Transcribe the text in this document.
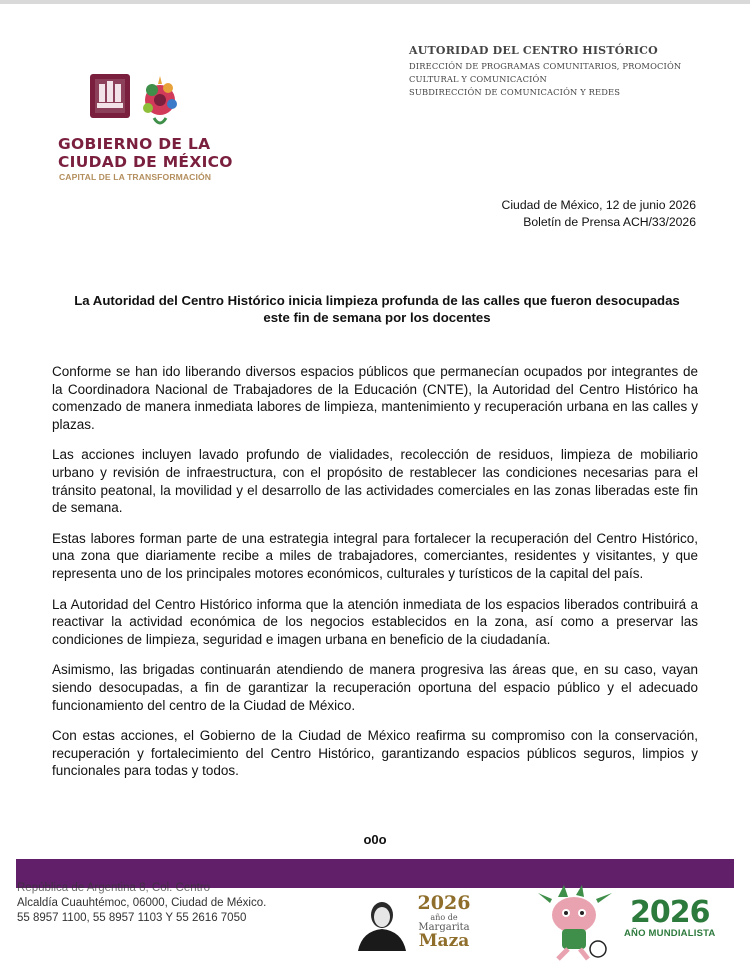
GOBIERNO DE LA
CIUDAD DE MÉXICO
CAPITAL DE LA TRANSFORMACIÓN
AUTORIDAD DEL CENTRO HISTÓRICO
DIRECCIÓN DE PROGRAMAS COMUNITARIOS, PROMOCIÓN
CULTURAL Y COMUNICACIÓN
SUBDIRECCIÓN DE COMUNICACIÓN Y REDES
Ciudad de México, 12 de junio 2026
Boletín de Prensa ACH/33/2026
La Autoridad del Centro Histórico inicia limpieza profunda de las calles que fueron desocupadas
este fin de semana por los docentes

Conforme se han ido liberando diversos espacios públicos que permanecían ocupados por integrantes de la Coordinadora Nacional de Trabajadores de la Educación (CNTE), la Autoridad del Centro Histórico ha comenzado de manera inmediata labores de limpieza, mantenimiento y recuperación urbana en las calles y plazas.

Las acciones incluyen lavado profundo de vialidades, recolección de residuos, limpieza de mobiliario urbano y revisión de infraestructura, con el propósito de restablecer las condiciones necesarias para el tránsito peatonal, la movilidad y el desarrollo de las actividades comerciales en las zonas liberadas este fin de semana.

Estas labores forman parte de una estrategia integral para fortalecer la recuperación del Centro Histórico, una zona que diariamente recibe a miles de trabajadores, comerciantes, residentes y visitantes, y que representa uno de los principales motores económicos, culturales y turísticos de la capital del país.

La Autoridad del Centro Histórico informa que la atención inmediata de los espacios liberados contribuirá a reactivar la actividad económica de los negocios establecidos en la zona, así como a preservar las condiciones de limpieza, seguridad e imagen urbana en beneficio de la ciudadanía.

Asimismo, las brigadas continuarán atendiendo de manera progresiva las áreas que, en su caso, vayan siendo desocupadas, a fin de garantizar la recuperación oportuna del espacio público y el adecuado funcionamiento del centro de la Ciudad de México.

Con estas acciones, el Gobierno de la Ciudad de México reafirma su compromiso con la conservación, recuperación y fortalecimiento del Centro Histórico, garantizando espacios públicos seguros, limpios y funcionales para todas y todos.

o0o
República de Argentina 8, Col. Centro
Alcaldía Cuauhtémoc, 06000, Ciudad de México.
55 8957 1100, 55 8957 1103 Y 55 2616 7050
2026
año de
Margarita
Maza
2026
AÑO MUNDIALISTA
